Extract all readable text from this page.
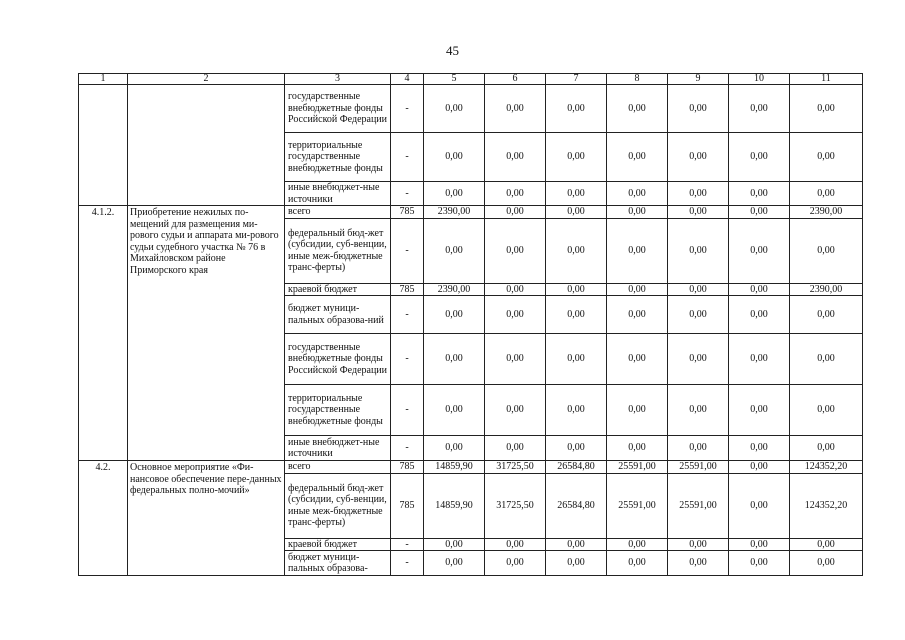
45
1	2	3	4	5	6	7	8	9	10	11
		государственные внебюджетные фонды Российской Федерации	-	0,00	0,00	0,00	0,00	0,00	0,00	0,00
		территориальные государственные внебюджетные фонды	-	0,00	0,00	0,00	0,00	0,00	0,00	0,00
		иные внебюджет-ные источники	-	0,00	0,00	0,00	0,00	0,00	0,00	0,00
4.1.2.	Приобретение нежилых по-мещений для размещения ми-рового судьи и аппарата ми-рового судьи судебного участка № 76 в Михайловском районе Приморского края	всего	785	2390,00	0,00	0,00	0,00	0,00	0,00	2390,00
		федеральный бюд-жет (субсидии, суб-венции, иные меж-бюджетные транс-ферты)	-	0,00	0,00	0,00	0,00	0,00	0,00	0,00
		краевой бюджет	785	2390,00	0,00	0,00	0,00	0,00	0,00	2390,00
		бюджет муници-пальных образова-ний	-	0,00	0,00	0,00	0,00	0,00	0,00	0,00
		государственные внебюджетные фонды Российской Федерации	-	0,00	0,00	0,00	0,00	0,00	0,00	0,00
		территориальные государственные внебюджетные фонды	-	0,00	0,00	0,00	0,00	0,00	0,00	0,00
		иные внебюджет-ные источники	-	0,00	0,00	0,00	0,00	0,00	0,00	0,00
4.2.	Основное мероприятие «Фи-нансовое обеспечение пере-данных федеральных полно-мочий»	всего	785	14859,90	31725,50	26584,80	25591,00	25591,00	0,00	124352,20
		федеральный бюд-жет (субсидии, суб-венции, иные меж-бюджетные транс-ферты)	785	14859,90	31725,50	26584,80	25591,00	25591,00	0,00	124352,20
		краевой бюджет	-	0,00	0,00	0,00	0,00	0,00	0,00	0,00
		бюджет муници-пальных образова-	-	0,00	0,00	0,00	0,00	0,00	0,00	0,00
